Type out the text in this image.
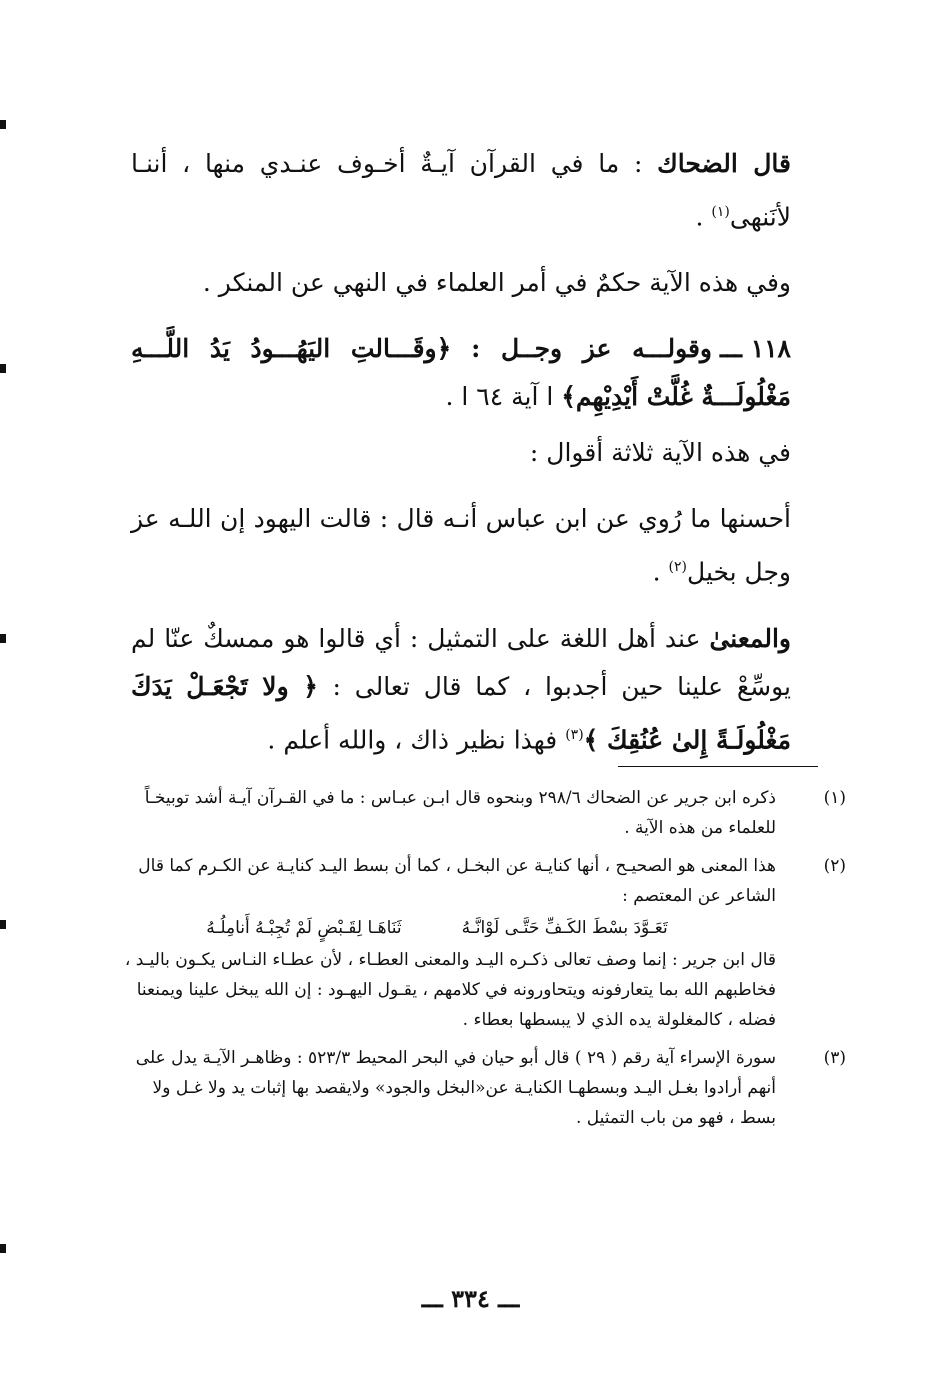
قال الضحاك : ما في القرآن آيـةٌ أخـوف عنـدي منها ، أننـا لأنَنهى$^{(١)}$ .

وفي هذه الآية حكمٌ في أمر العلماء في النهي عن المنكر .

١١٨ ـــوقولـــه عز وجــل : ﴿وقَـــالتِ اليَهُـــودُ يَدُ اللَّـــهِ مَغْلُولَـــةٌ غُلَّتْ أَيْدِيْهِم﴾ ا آية ٦٤ ا .

في هذه الآية ثلاثة أقوال :

أحسنها ما رُوي عن ابن عباس أنـه قال : قالت اليهود إن اللـه عز وجل بخيل$^{(٢)}$ .

والمعنىٰ عند أهل اللغة على التمثيل : أي قالوا هو ممسكٌ عنّا لم يوسِّعْ علينا حين أجدبوا ، كما قال تعالى : ﴿ ولا تَجْعَـلْ يَدَكَ مَغْلُولَـةً إِلىٰ عُنُقِكَ ﴾$^{(٣)}$ فهذا نظير ذاك ، والله أعلم .

(١)
ذكره ابن جرير عن الضحاك ٢٩٨/٦ وبنحوه قال ابـن عبـاس : ما في القـرآن آيـة أشد توبيخـاً
للعلماء من هذه الآية .
(٢)
هذا المعنى هو الصحيـح ، أنها كنايـة عن البخـل ، كما أن بسط اليـد كنايـة عن الكـرم كما قال
الشاعر عن المعتصم :
تَعَـوَّدَ بسْطَ الكَـفِّ حَتَّـى لَوْانَّـهُ
ثَنَاهَـا لِقَـبْضٍ لَمْ تُجِبْـهُ أَنامِلُـهُ
قال ابن جرير : إنما وصف تعالى ذكـره اليـد والمعنى العطـاء ، لأن عطـاء النـاس يكـون باليـد ،
فخاطبهم الله بما يتعارفونه ويتحاورونه في كلامهم ، يقـول اليهـود : إن الله يبخل علينا ويمنعنا
فضله ، كالمغلولة يده الذي لا يبسطها بعطاء .
(٣)
سورة الإسراء آية رقم ( ٢٩ ) قال أبو حيان في البحر المحيط ٥٢٣/٣ : وظاهـر الآيـة يدل على
أنهم أرادوا بغـل اليـد وبسطهـا الكنايـة عن«البخل والجود» ولايقصد بها إثبات يد ولا غـل ولا
بسط ، فهو من باب التمثيل .
ـــ ٣٣٤ ـــ
